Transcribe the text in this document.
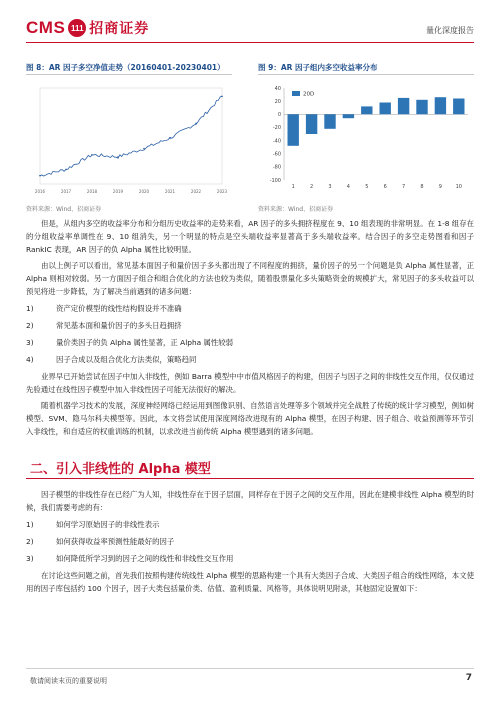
CMS 111 招商证券	量化深度报告
图 8：AR 因子多空净值走势（20160401-20230401）	图 9：AR 因子组内多空收益率分布
2016	2017	2018	2019	2020	2021	2022	2023
-100
-80
-60
-40
-20
0
20
40
1	2	3	4	5	6	7	8	9	10
20D
资料来源：Wind、招商证券	资料来源：Wind、招商证券

但是，从组内多空的收益率分布和分组历史收益率的走势来看，AR 因子的多头拥挤程度在 9、10 组表现的非常明显。在 1-8 组存在的分组收益率单调性在 9、10 组消失，另一个明显的特点是空头端收益率显著高于多头端收益率。结合因子的多空走势图看和因子 RankIC 表现，AR 因子的负 Alpha 属性比较明显。

由以上例子可以看出，常见基本面因子和量价因子多头都出现了不同程度的拥挤，量价因子的另一个问题是负 Alpha 属性显著，正 Alpha 则相对较弱。另一方面因子组合和组合优化的方法也较为类似，随着股票量化多头策略资金的规模扩大，常见因子的多头收益可以预见将进一步降低，为了解决当前遇到的诸多问题：

1)	资产定价模型的线性结构假设并不准确
2)	常见基本面和量价因子的多头日趋拥挤
3)	量价类因子的负 Alpha 属性显著，正 Alpha 属性较弱
4)	因子合成以及组合优化方法类似，策略趋同

业界早已开始尝试在因子中加入非线性，例如 Barra 模型中中市值风格因子的构建，但因子与因子之间的非线性交互作用，仅仅通过先验通过在线性因子模型中加入非线性因子可能无法很好的解决。

随着机器学习技术的发展，深度神经网络已经运用到图像识别、自然语言处理等多个领域并完全战胜了传统的统计学习模型，例如树模型、SVM、隐马尔科夫模型等。因此，本文将尝试使用深度网络改进现有的 Alpha 模型，在因子构建、因子组合、收益预测等环节引入非线性，和自适应的权重训练的机制，以求改进当前传统 Alpha 模型遇到的诸多问题。

二、引入非线性的 Alpha 模型

因子模型的非线性存在已经广为人知，非线性存在于因子层面，同样存在于因子之间的交互作用，因此在建模非线性 Alpha 模型的时候，我们需要考虑的有：

1)	如何学习原始因子的非线性表示
2)	如何获得收益率预测性能最好的因子
3)	如何降低所学习到的因子之间的线性和非线性交互作用

在讨论这些问题之前，首先我们按照构建传统线性 Alpha 模型的思路构建一个具有大类因子合成、大类因子组合的线性网络，本文使用的因子库包括约 100 个因子，因子大类包括量价类、估值、盈利质量、风格等，具体说明见附录，其他固定设置如下：

敬请阅读末页的重要说明	7
